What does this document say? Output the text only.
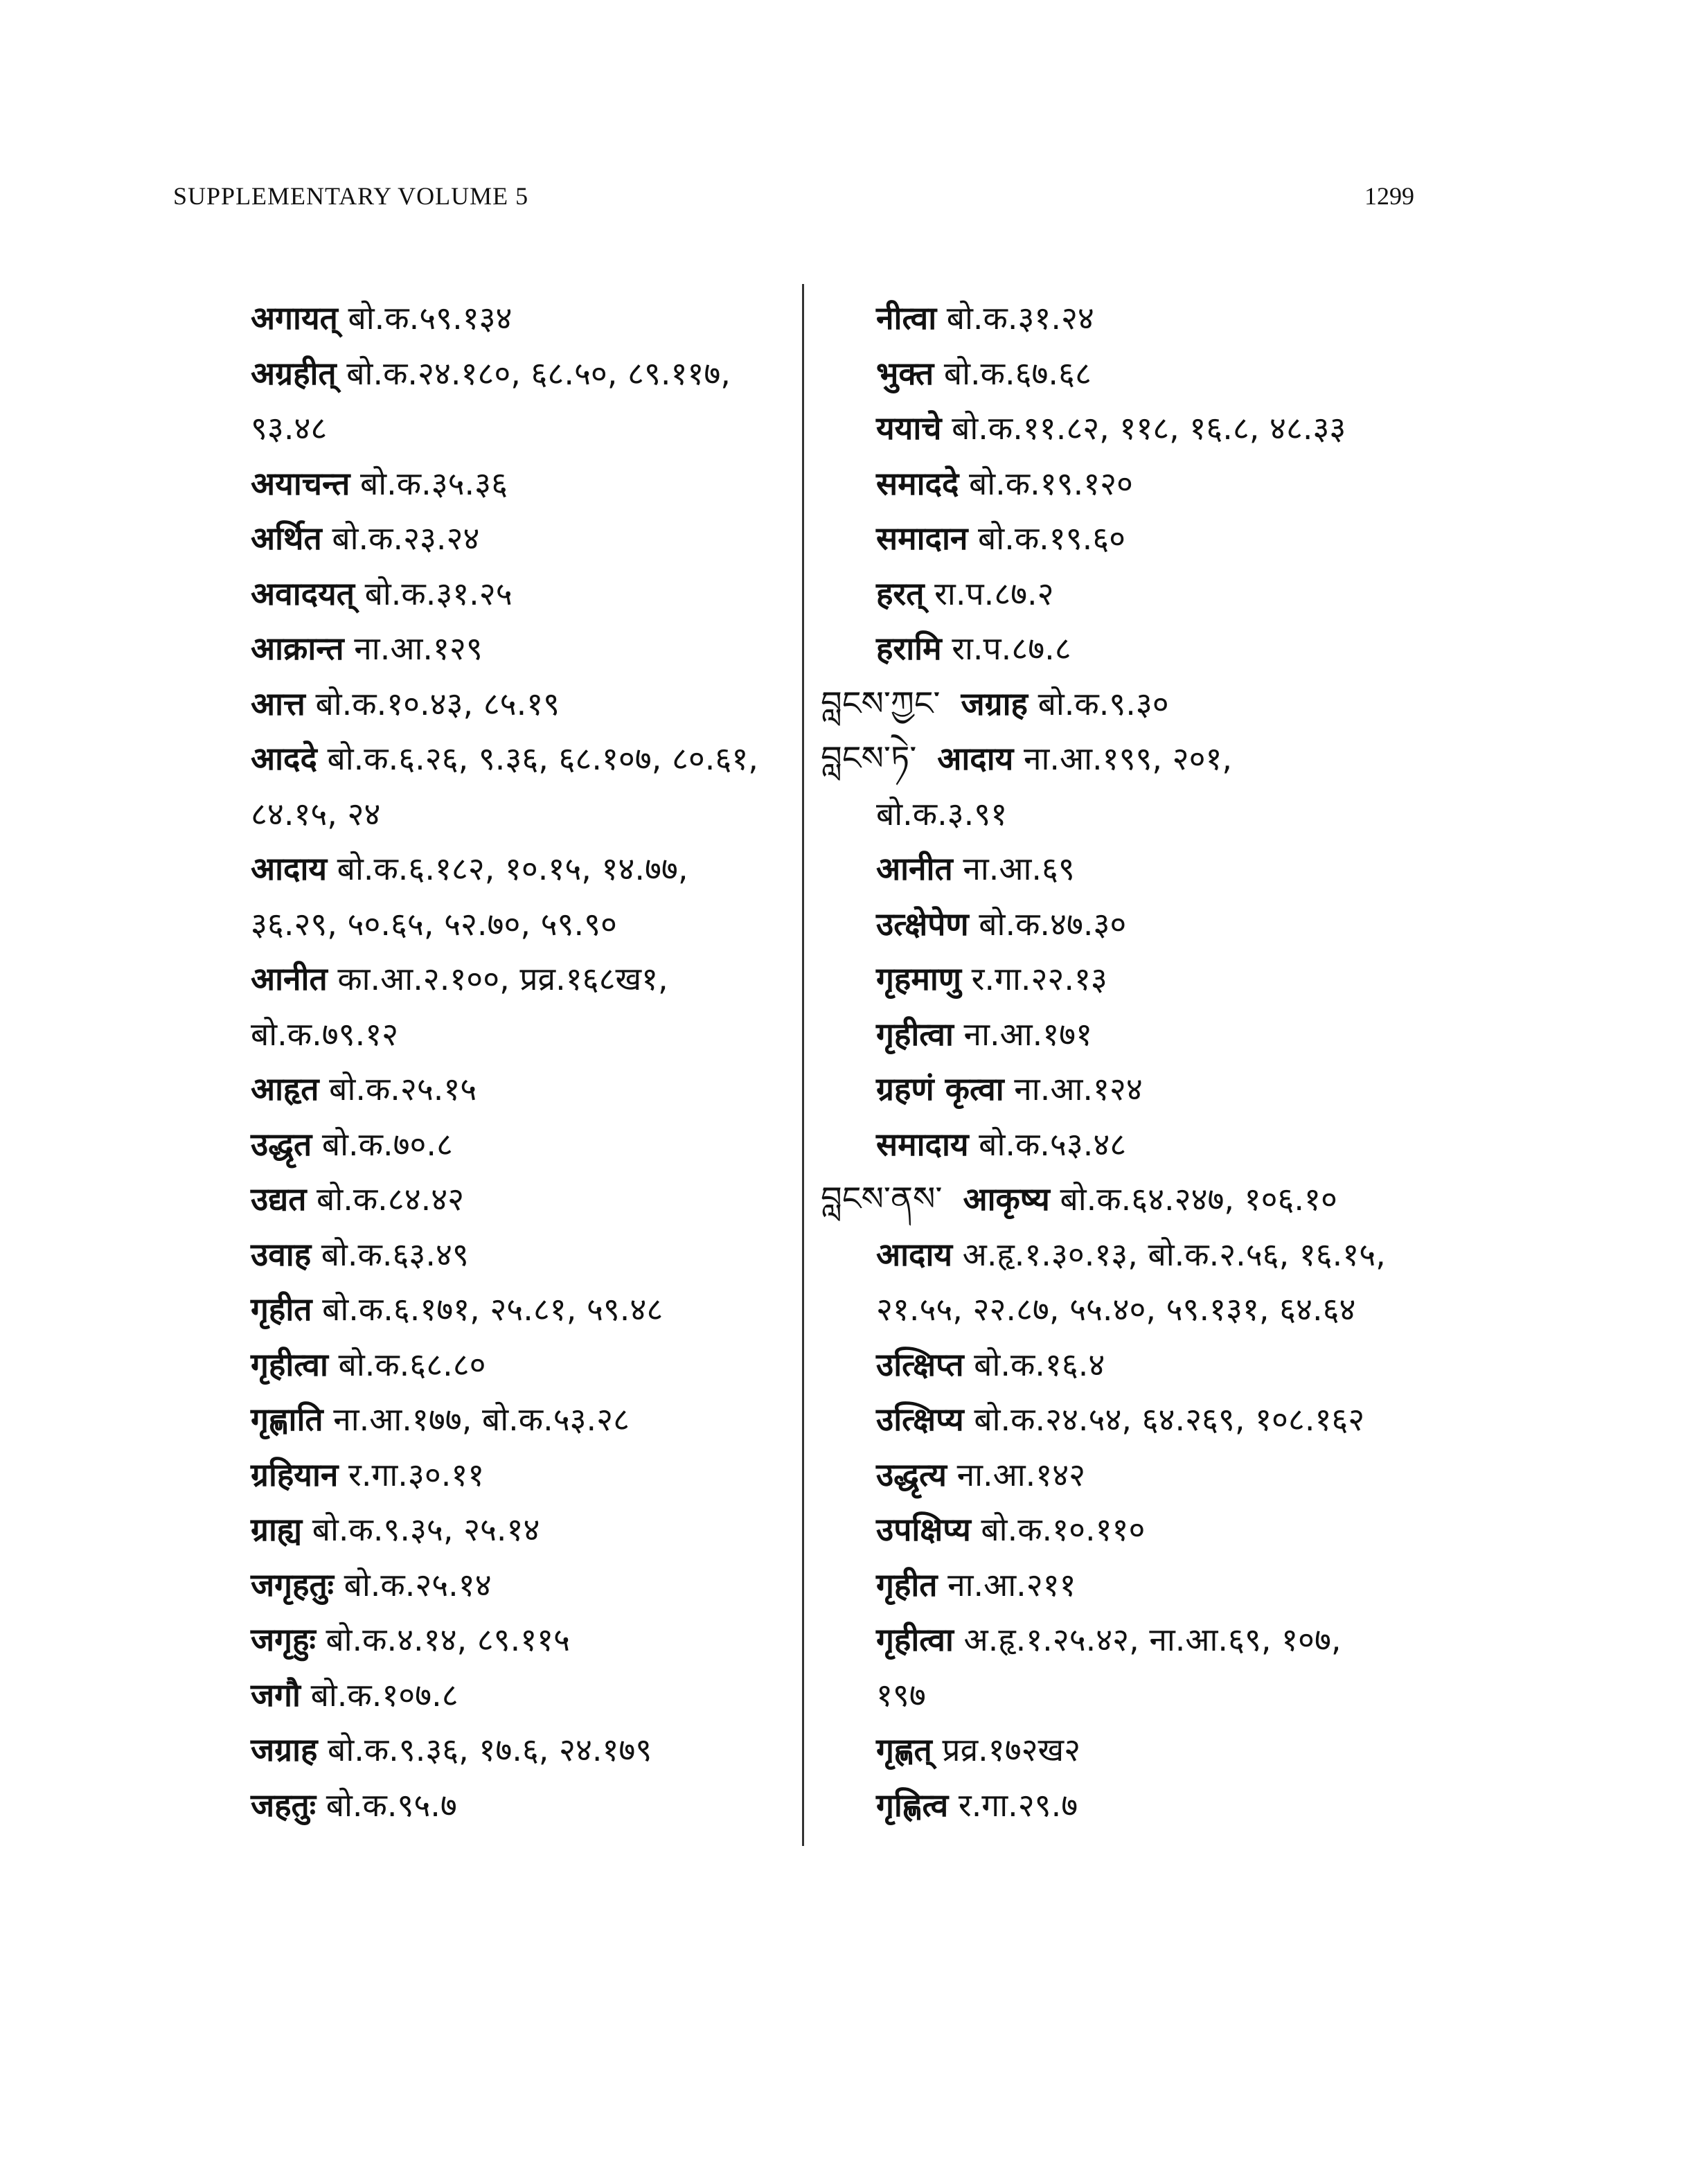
SUPPLEMENTARY VOLUME 5	1299
अगायत् बो.क.५९.१३४
अग्रहीत् बो.क.२४.१८०, ६८.५०, ८९.११७,
९३.४८
अयाचन्त बो.क.३५.३६
अर्थित बो.क.२३.२४
अवादयत् बो.क.३१.२५
आक्रान्त ना.आ.१२९
आत्त बो.क.१०.४३, ८५.१९
आददे बो.क.६.२६, ९.३६, ६८.१०७, ८०.६१,
८४.१५, २४
आदाय बो.क.६.१८२, १०.१५, १४.७७,
३६.२९, ५०.६५, ५२.७०, ५९.९०
आनीत का.आ.२.१००, प्रव्र.१६८ख१,
बो.क.७९.१२
आहृत बो.क.२५.१५
उद्धृत बो.क.७०.८
उद्यत बो.क.८४.४२
उवाह बो.क.६३.४९
गृहीत बो.क.६.१७१, २५.८१, ५९.४८
गृहीत्वा बो.क.६८.८०
गृह्णाति ना.आ.१७७, बो.क.५३.२८
ग्रहियान र.गा.३०.११
ग्राह्य बो.क.९.३५, २५.१४
जगृहतुः बो.क.२५.१४
जगृहुः बो.क.४.१४, ८९.११५
जगौ बो.क.१०७.८
जग्राह बो.क.९.३६, १७.६, २४.१७९
जहतुः बो.क.९५.७
नीत्वा बो.क.३१.२४
भुक्त बो.क.६७.६८
ययाचे बो.क.११.८२, ११८, १६.८, ४८.३३
समाददे बो.क.१९.१२०
समादान बो.क.१९.६०
हरत् रा.प.८७.२
हरामि रा.प.८७.८
བླངས་ཀྱང་ जग्राह बो.क.९.३०
བླངས་ཏེ་ आदाय ना.आ.१९९, २०१,
बो.क.३.९१
आनीत ना.आ.६९
उत्क्षेपेण बो.क.४७.३०
गृहमाणु र.गा.२२.१३
गृहीत्वा ना.आ.१७१
ग्रहणं कृत्वा ना.आ.१२४
समादाय बो.क.५३.४८
བླངས་ནས་ आकृष्य बो.क.६४.२४७, १०६.१०
आदाय अ.हृ.१.३०.१३, बो.क.२.५६, १६.१५,
२१.५५, २२.८७, ५५.४०, ५९.१३१, ६४.६४
उत्क्षिप्त बो.क.१६.४
उत्क्षिप्य बो.क.२४.५४, ६४.२६९, १०८.१६२
उद्धृत्य ना.आ.१४२
उपक्षिप्य बो.क.१०.११०
गृहीत ना.आ.२११
गृहीत्वा अ.हृ.१.२५.४२, ना.आ.६९, १०७,
१९७
गृह्णत् प्रव्र.१७२ख२
गृह्णित्व र.गा.२९.७
